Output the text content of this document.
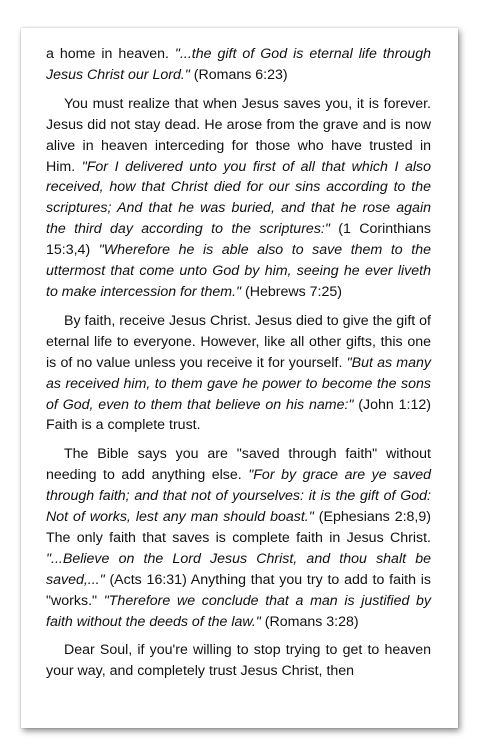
a home in heaven. "...the gift of God is eternal life through Jesus Christ our Lord." (Romans 6:23)

You must realize that when Jesus saves you, it is forever. Jesus did not stay dead. He arose from the grave and is now alive in heaven interceding for those who have trusted in Him. "For I delivered unto you first of all that which I also received, how that Christ died for our sins according to the scriptures; And that he was buried, and that he rose again the third day according to the scriptures:" (1 Corinthians 15:3,4) "Wherefore he is able also to save them to the uttermost that come unto God by him, seeing he ever liveth to make intercession for them." (Hebrews 7:25)

By faith, receive Jesus Christ. Jesus died to give the gift of eternal life to everyone. However, like all other gifts, this one is of no value unless you receive it for yourself. "But as many as received him, to them gave he power to become the sons of God, even to them that believe on his name:" (John 1:12) Faith is a complete trust.

The Bible says you are "saved through faith" without needing to add anything else. "For by grace are ye saved through faith; and that not of yourselves: it is the gift of God: Not of works, lest any man should boast." (Ephesians 2:8,9) The only faith that saves is complete faith in Jesus Christ. "...Believe on the Lord Jesus Christ, and thou shalt be saved,..." (Acts 16:31) Anything that you try to add to faith is "works." "Therefore we conclude that a man is justified by faith without the deeds of the law." (Romans 3:28)

Dear Soul, if you're willing to stop trying to get to heaven your way, and completely trust Jesus Christ, then
